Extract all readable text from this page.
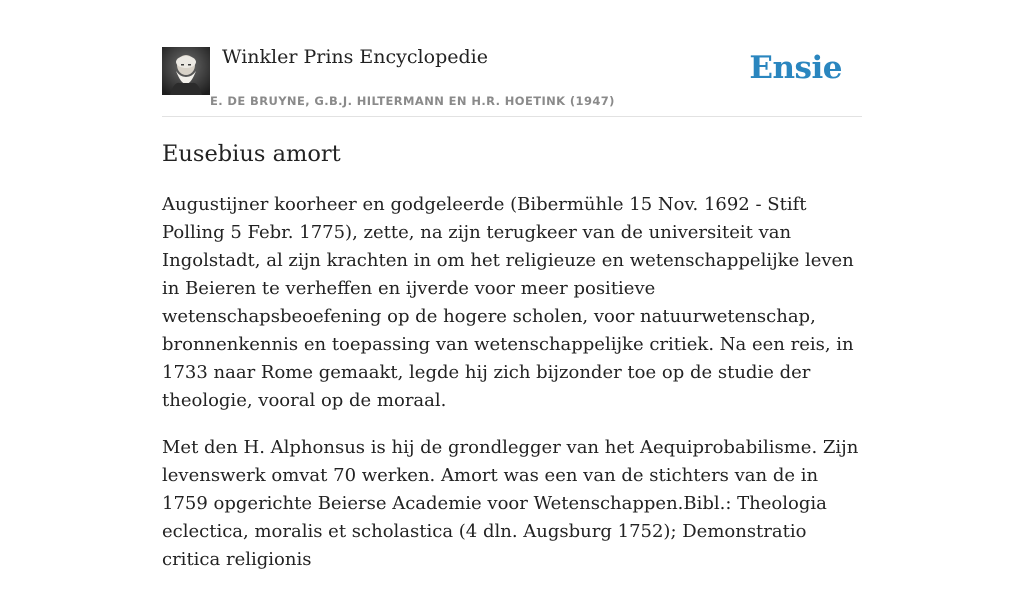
Winkler Prins Encyclopedie
E. DE BRUYNE, G.B.J. HILTERMANN EN H.R. HOETINK (1947)
Ensie
Eusebius amort

Augustijner koorheer en godgeleerde (Bibermühle 15 Nov. 1692 - Stift Polling 5 Febr. 1775), zette, na zijn terugkeer van de universiteit van Ingolstadt, al zijn krachten in om het religieuze en wetenschappelijke leven in Beieren te verheffen en ijverde voor meer positieve wetenschapsbeoefening op de hogere scholen, voor natuurwetenschap, bronnenkennis en toepassing van wetenschappelijke critiek. Na een reis, in 1733 naar Rome gemaakt, legde hij zich bijzonder toe op de studie der theologie, vooral op de moraal.

Met den H. Alphonsus is hij de grondlegger van het Aequiprobabilisme. Zijn levenswerk omvat 70 werken. Amort was een van de stichters van de in 1759 opgerichte Beierse Academie voor Wetenschappen.Bibl.: Theologia eclectica, moralis et scholastica (4 dln. Augsburg 1752); Demonstratio critica religionis
